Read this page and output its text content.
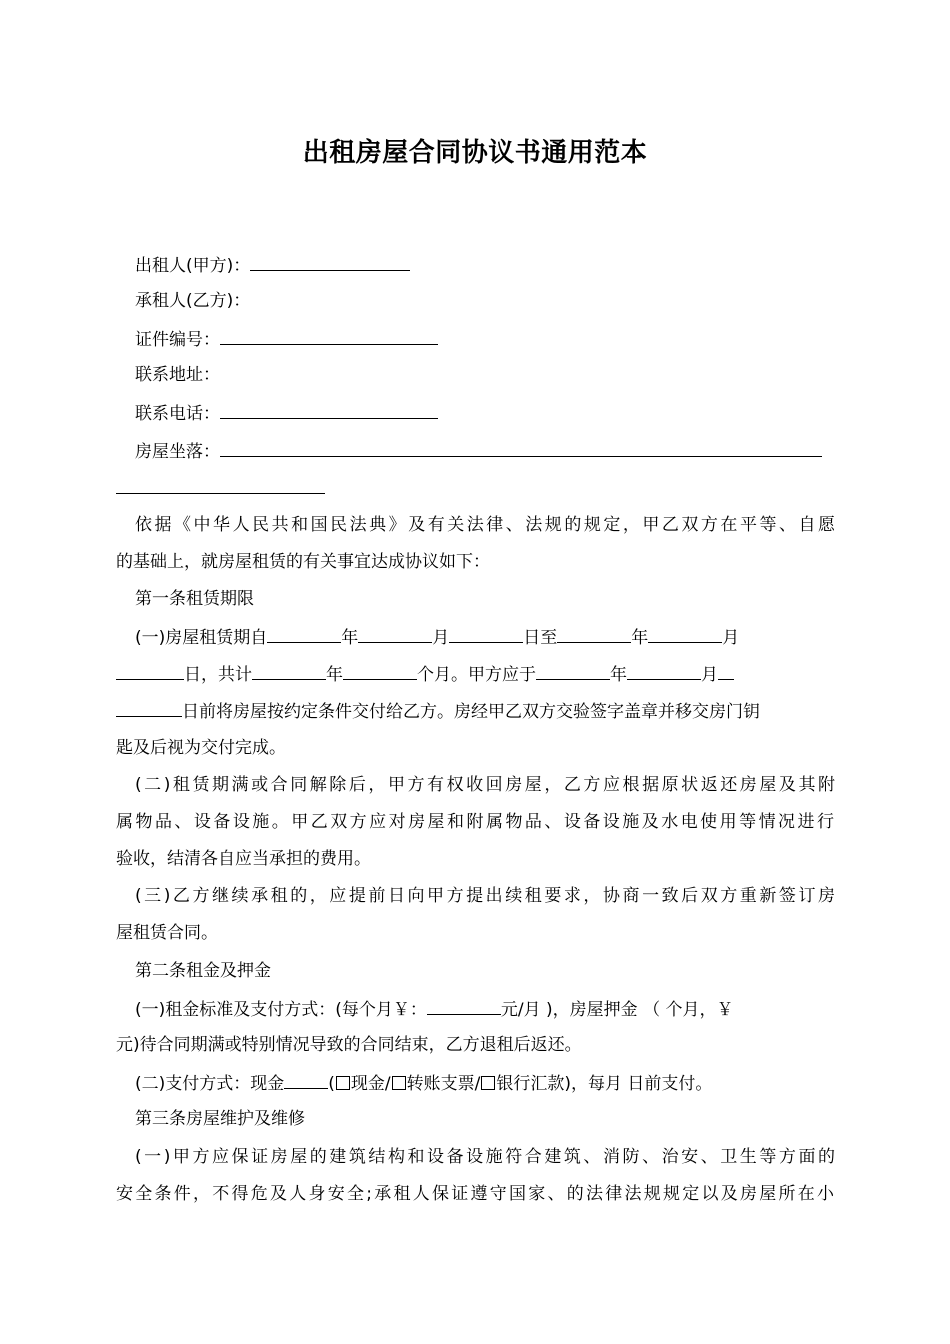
出租房屋合同协议书通用范本
出租人(甲方)：
承租人(乙方)：
证件编号：
联系地址：
联系电话：
房屋坐落：
依据《中华人民共和国民法典》及有关法律、法规的规定，甲乙双方在平等、自愿
的基础上，就房屋租赁的有关事宜达成协议如下：
第一条租赁期限
(一)房屋租赁期自	年	月	日至	年	月
日，共计	年	个月。甲方应于	年	月
日前将房屋按约定条件交付给乙方。房经甲乙双方交验签字盖章并移交房门钥
匙及后视为交付完成。
(二)租赁期满或合同解除后，甲方有权收回房屋，乙方应根据原状返还房屋及其附
属物品、设备设施。甲乙双方应对房屋和附属物品、设备设施及水电使用等情况进行
验收，结清各自应当承担的费用。
(三)乙方继续承租的，应提前日向甲方提出续租要求，协商一致后双方重新签订房
屋租赁合同。
第二条租金及押金
(一)租金标准及支付方式：(每个月￥：	元/月 )，房屋押金 （ 个月，￥
元)待合同期满或特别情况导致的合同结束，乙方退租后返还。
(二)支付方式：现金	( 现金/ 转账支票/ 银行汇款)，每月 日前支付。
第三条房屋维护及维修
(一)甲方应保证房屋的建筑结构和设备设施符合建筑、消防、治安、卫生等方面的
安全条件，不得危及人身安全;承租人保证遵守国家、的法律法规规定以及房屋所在小
